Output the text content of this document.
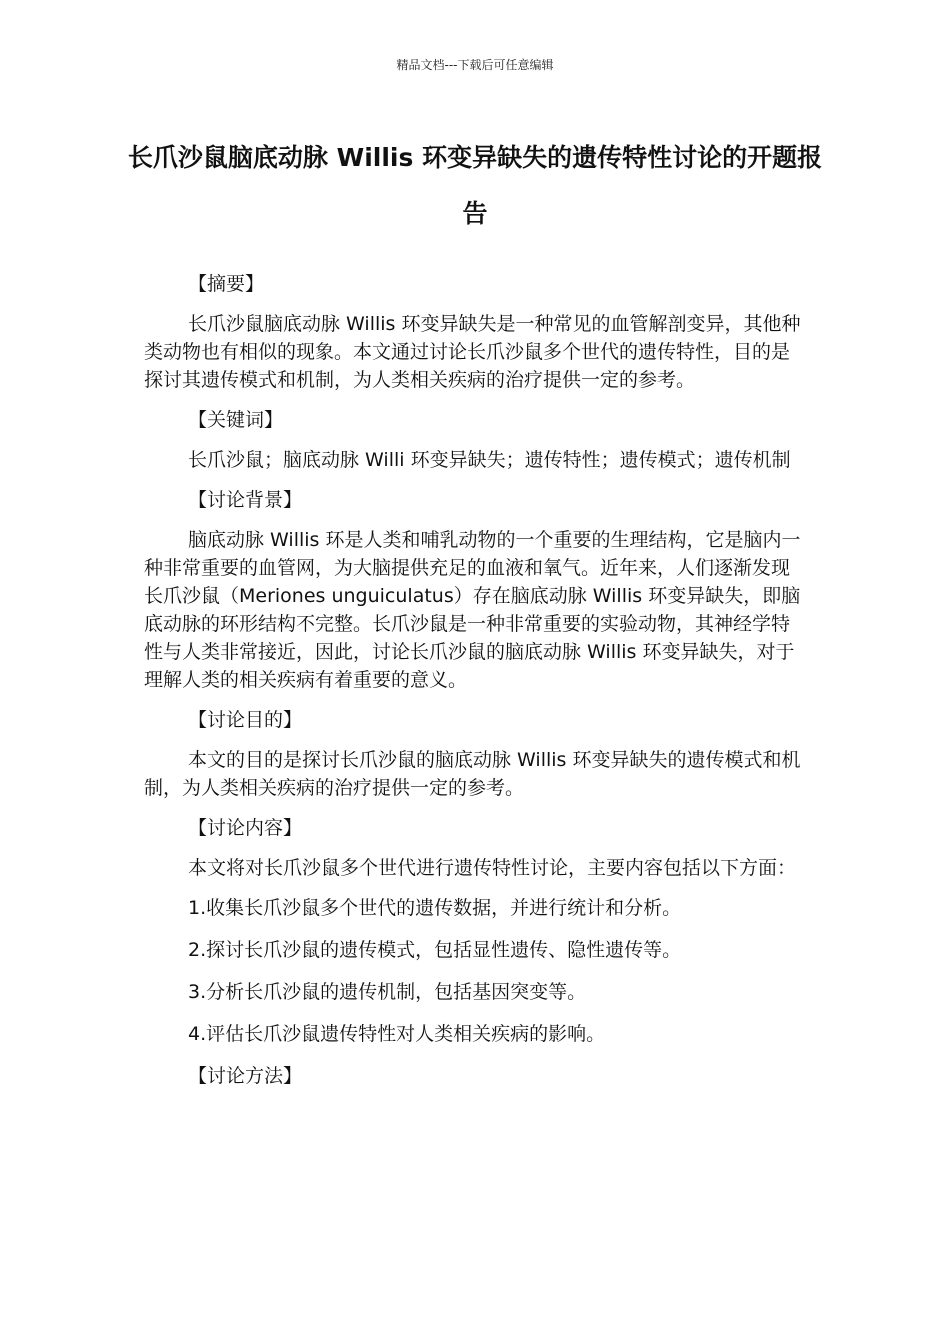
精品文档---下载后可任意编辑
长爪沙鼠脑底动脉 Willis 环变异缺失的遗传特性讨论的开题报告

【摘要】

长爪沙鼠脑底动脉 Willis 环变异缺失是一种常见的血管解剖变异，其他种类动物也有相似的现象。本文通过讨论长爪沙鼠多个世代的遗传特性，目的是探讨其遗传模式和机制，为人类相关疾病的治疗提供一定的参考。

【关键词】

长爪沙鼠；脑底动脉 Willi 环变异缺失；遗传特性；遗传模式；遗传机制

【讨论背景】

脑底动脉 Willis 环是人类和哺乳动物的一个重要的生理结构，它是脑内一种非常重要的血管网，为大脑提供充足的血液和氧气。近年来，人们逐渐发现长爪沙鼠（Meriones unguiculatus）存在脑底动脉 Willis 环变异缺失，即脑底动脉的环形结构不完整。长爪沙鼠是一种非常重要的实验动物，其神经学特性与人类非常接近，因此，讨论长爪沙鼠的脑底动脉 Willis 环变异缺失，对于理解人类的相关疾病有着重要的意义。

【讨论目的】

本文的目的是探讨长爪沙鼠的脑底动脉 Willis 环变异缺失的遗传模式和机制，为人类相关疾病的治疗提供一定的参考。

【讨论内容】

本文将对长爪沙鼠多个世代进行遗传特性讨论，主要内容包括以下方面：

1.收集长爪沙鼠多个世代的遗传数据，并进行统计和分析。

2.探讨长爪沙鼠的遗传模式，包括显性遗传、隐性遗传等。

3.分析长爪沙鼠的遗传机制，包括基因突变等。

4.评估长爪沙鼠遗传特性对人类相关疾病的影响。

【讨论方法】
